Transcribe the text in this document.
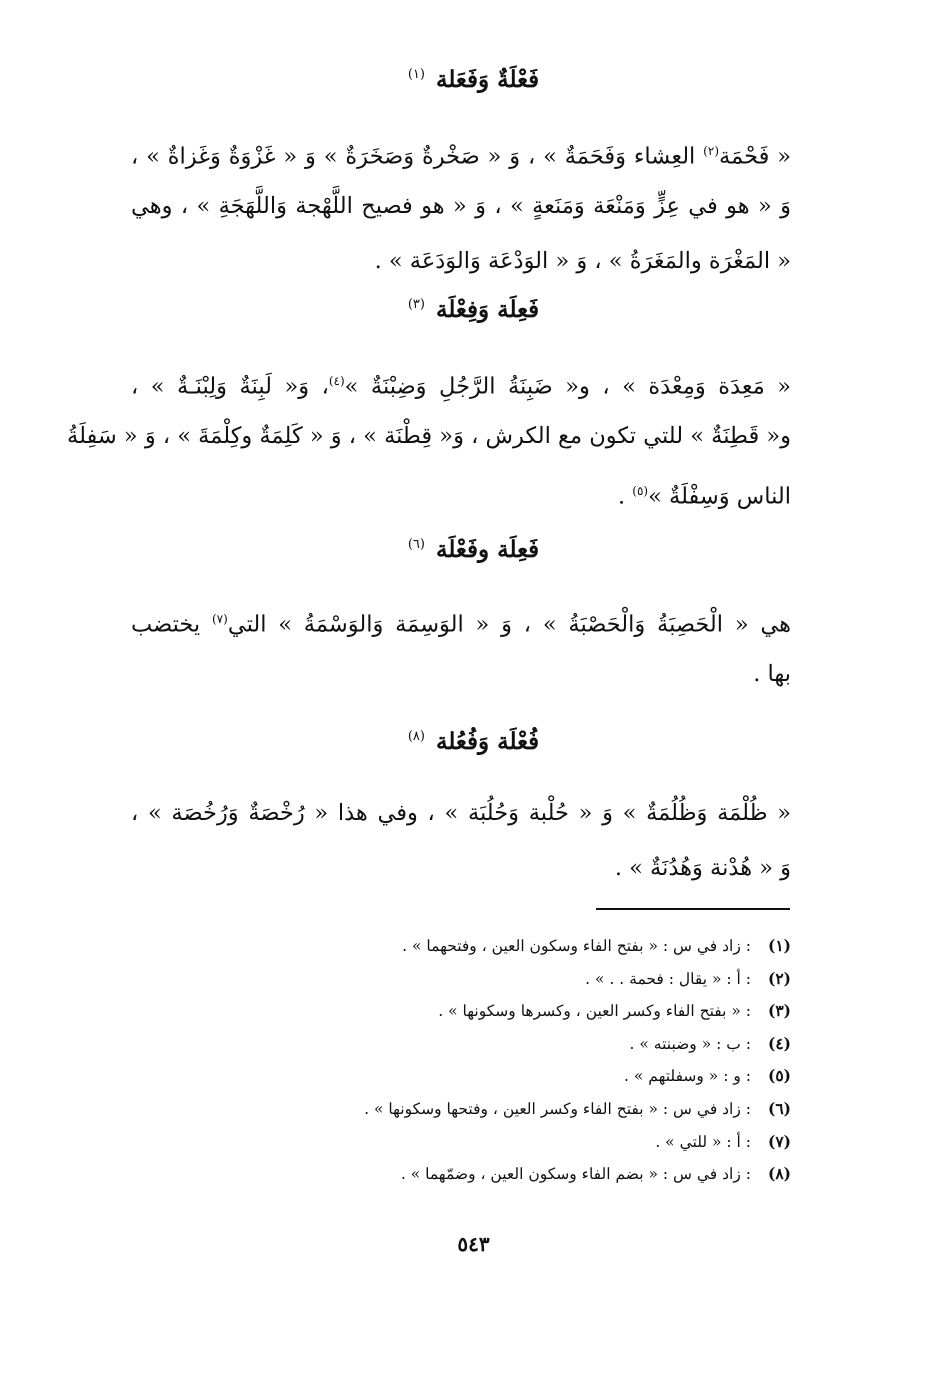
فَعْلَةٌ وَفَعَلة $^{(١)}$
« فَحْمَة$^{(٢)}$ العِشاء وَفَحَمَةٌ » ، وَ « صَخْرةٌ وَصَخَرَةٌ » وَ « غَزْوَةٌ وَغَزاةٌ » ،
وَ « هو في عِزٍّ وَمَنْعَة وَمَنَعةٍ » ، وَ « هو فصيح اللَّهْجة وَاللَّهَجَةِ » ، وهي
« المَغْرَة والمَغَرَةُ » ، وَ « الوَدْعَة وَالوَدَعَة » .
فَعِلَة وَفِعْلَة $^{(٣)}$
« مَعِدَة وَمِعْدَة » ، و« ضَبِنَةُ الرَّجُلِ وَضِبْنَةٌ »$^{(٤)}$، وَ« لَبِنَةٌ وَلِبْنَـةٌ » ،
و« قَطِنَةٌ » للتي تكون مع الكرش ، وَ« قِطْنَة » ، وَ « كَلِمَةٌ وكِلْمَةَ » ، وَ « سَفِلَةُ
الناس وَسِفْلَةٌ »$^{(٥)}$ .
فَعِلَة وفَعْلَة $^{(٦)}$
هي « الْحَصِبَةُ وَالْحَصْبَةُ » ، وَ « الوَسِمَة وَالوَسْمَةُ » التي$^{(٧)}$ يختضب
بها .
فُعْلَة وَفُعُلة $^{(٨)}$
« ظُلْمَة وَظُلُمَةٌ » وَ « حُلْبة وَحُلُبَة » ، وفي هذا « رُخْصَةٌ وَرُخُصَة » ،
وَ « هُدْنة وَهُدُنَةٌ » .
(١): زاد في س : « بفتح الفاء وسكون العين ، وفتحهما » .
(٢): أ : « يقال : فحمة . . » .
(٣): « بفتح الفاء وكسر العين ، وكسرها وسكونها » .
(٤): ب : « وضبنته » .
(٥): و : « وسفلتهم » .
(٦): زاد في س : « بفتح الفاء وكسر العين ، وفتحها وسكونها » .
(٧): أ : « للتي » .
(٨): زاد في س : « بضم الفاء وسكون العين ، وضمّهما » .
٥٤٣
